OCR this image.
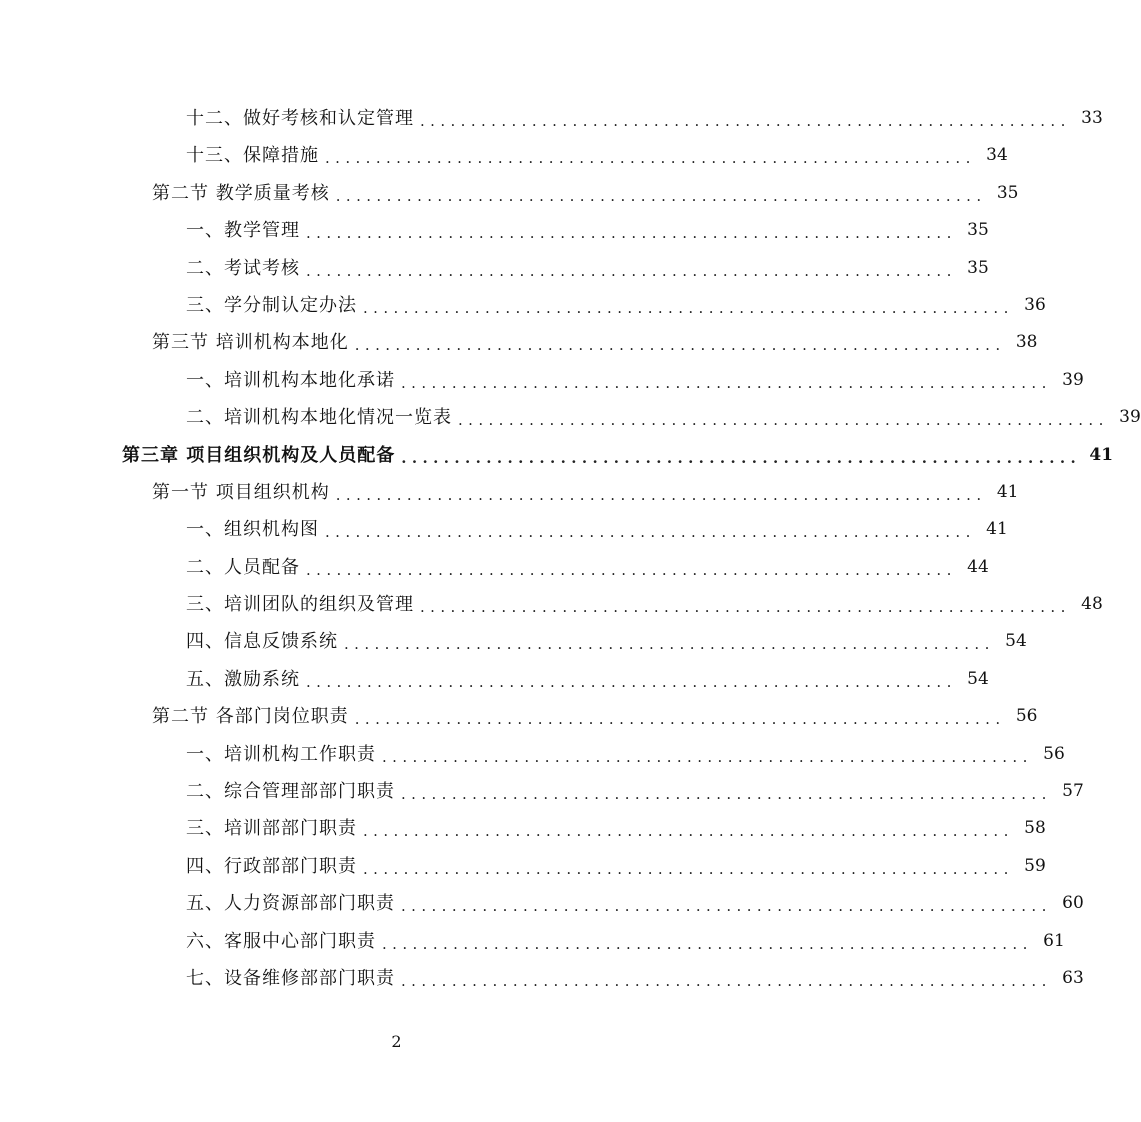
十二、做好考核和认定管理 ................................................................ 33
十三、保障措施 ................................................................ 34
第二节 教学质量考核 ................................................................ 35
一、教学管理 ................................................................ 35
二、考试考核 ................................................................ 35
三、学分制认定办法 ................................................................ 36
第三节 培训机构本地化 ................................................................ 38
一、培训机构本地化承诺 ................................................................ 39
二、培训机构本地化情况一览表 ................................................................ 39
第三章 项目组织机构及人员配备 ................................................................ 41
第一节 项目组织机构 ................................................................ 41
一、组织机构图 ................................................................ 41
二、人员配备 ................................................................ 44
三、培训团队的组织及管理 ................................................................ 48
四、信息反馈系统 ................................................................ 54
五、激励系统 ................................................................ 54
第二节 各部门岗位职责 ................................................................ 56
一、培训机构工作职责 ................................................................ 56
二、综合管理部部门职责 ................................................................ 57
三、培训部部门职责 ................................................................ 58
四、行政部部门职责 ................................................................ 59
五、人力资源部部门职责 ................................................................ 60
六、客服中心部门职责 ................................................................ 61
七、设备维修部部门职责 ................................................................ 63
2
